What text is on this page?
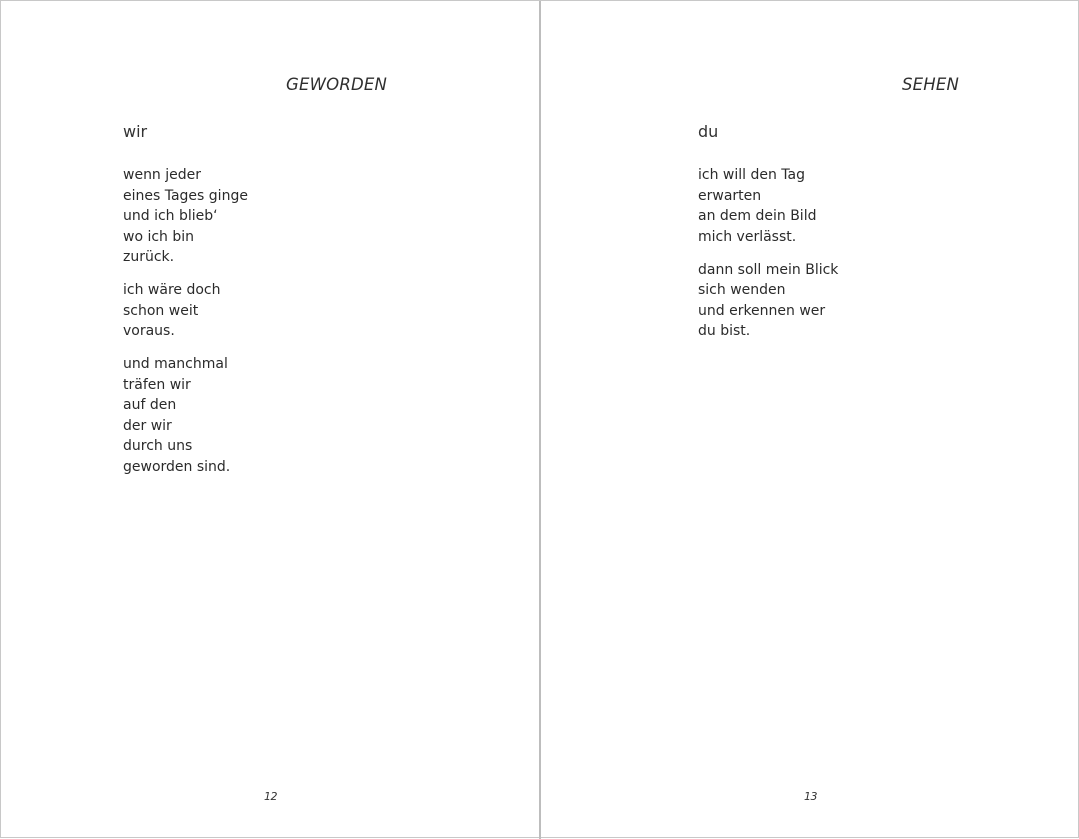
GEWORDEN
wir
wenn jeder
eines Tages ginge
und ich blieb‘
wo ich bin
zurück.
ich wäre doch
schon weit
voraus.
und manchmal
träfen wir
auf den
der wir
durch uns
geworden sind.
12
SEHEN
du
ich will den Tag
erwarten
an dem dein Bild
mich verlässt.
dann soll mein Blick
sich wenden
und erkennen wer
du bist.
13
